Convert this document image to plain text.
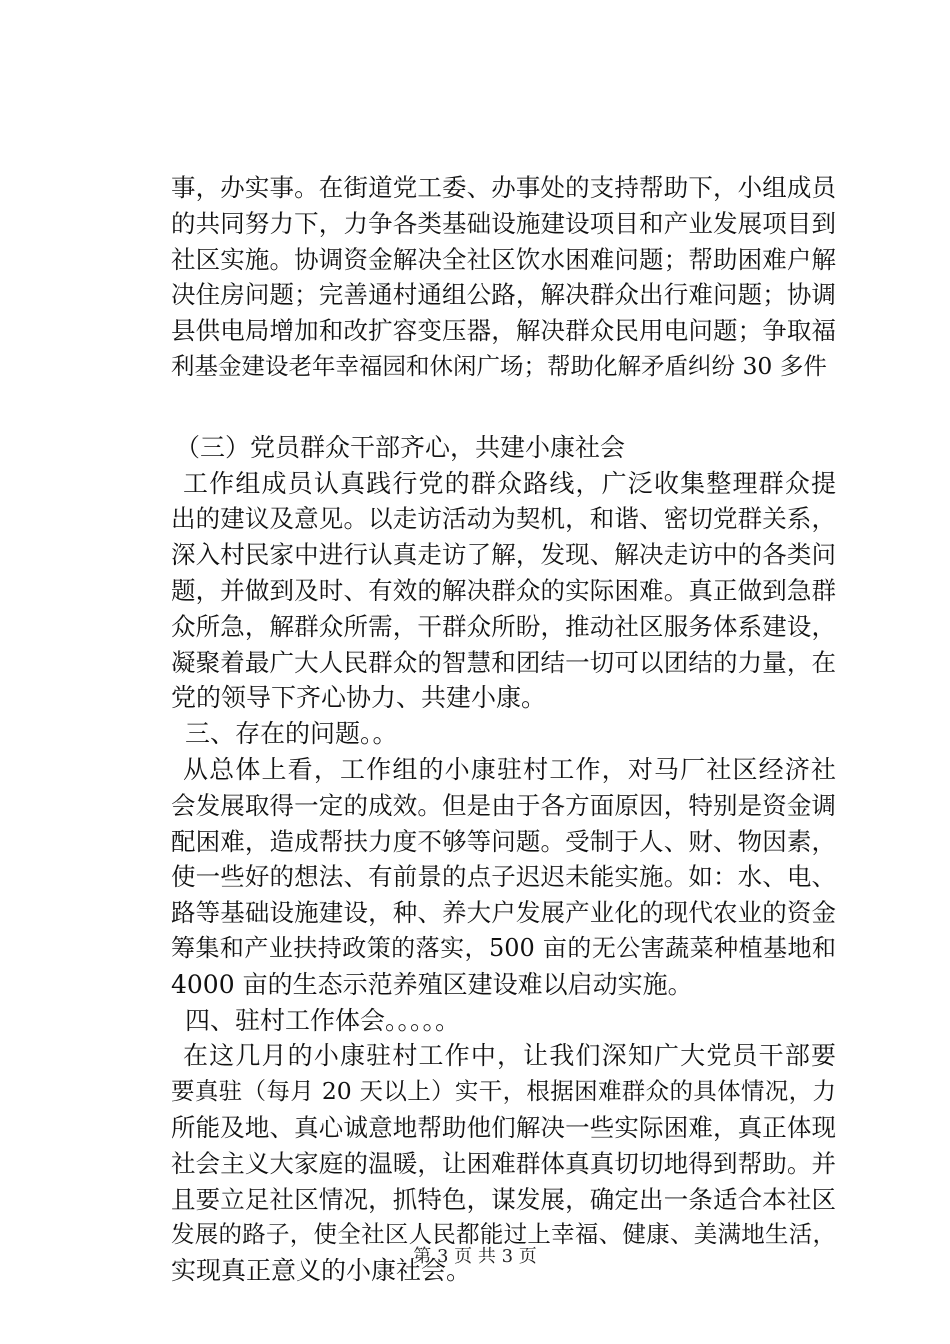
事，办实事。在街道党工委、办事处的支持帮助下，小组成员
的共同努力下，力争各类基础设施建设项目和产业发展项目到
社区实施。协调资金解决全社区饮水困难问题；帮助困难户解
决住房问题；完善通村通组公路，解决群众出行难问题；协调
县供电局增加和改扩容变压器，解决群众民用电问题；争取福
利基金建设老年幸福园和休闲广场；帮助化解矛盾纠纷 30 多件
（三）党员群众干部齐心，共建小康社会
工作组成员认真践行党的群众路线，广泛收集整理群众提
出的建议及意见。以走访活动为契机，和谐、密切党群关系，
深入村民家中进行认真走访了解，发现、解决走访中的各类问
题，并做到及时、有效的解决群众的实际困难。真正做到急群
众所急，解群众所需，干群众所盼，推动社区服务体系建设，
凝聚着最广大人民群众的智慧和团结一切可以团结的力量，在
党的领导下齐心协力、共建小康。
三、存在的问题。。
从总体上看，工作组的小康驻村工作，对马厂社区经济社
会发展取得一定的成效。但是由于各方面原因，特别是资金调
配困难，造成帮扶力度不够等问题。受制于人、财、物因素，
使一些好的想法、有前景的点子迟迟未能实施。如：水、电、
路等基础设施建设，种、养大户发展产业化的现代农业的资金
筹集和产业扶持政策的落实，500 亩的无公害蔬菜种植基地和
4000 亩的生态示范养殖区建设难以启动实施。
四、驻村工作体会。。。。。
在这几月的小康驻村工作中，让我们深知广大党员干部要
要真驻（每月 20 天以上）实干，根据困难群众的具体情况，力
所能及地、真心诚意地帮助他们解决一些实际困难，真正体现
社会主义大家庭的温暖，让困难群体真真切切地得到帮助。并
且要立足社区情况，抓特色，谋发展，确定出一条适合本社区
发展的路子，使全社区人民都能过上幸福、健康、美满地生活，
实现真正意义的小康社会。
第 3 页 共 3 页
